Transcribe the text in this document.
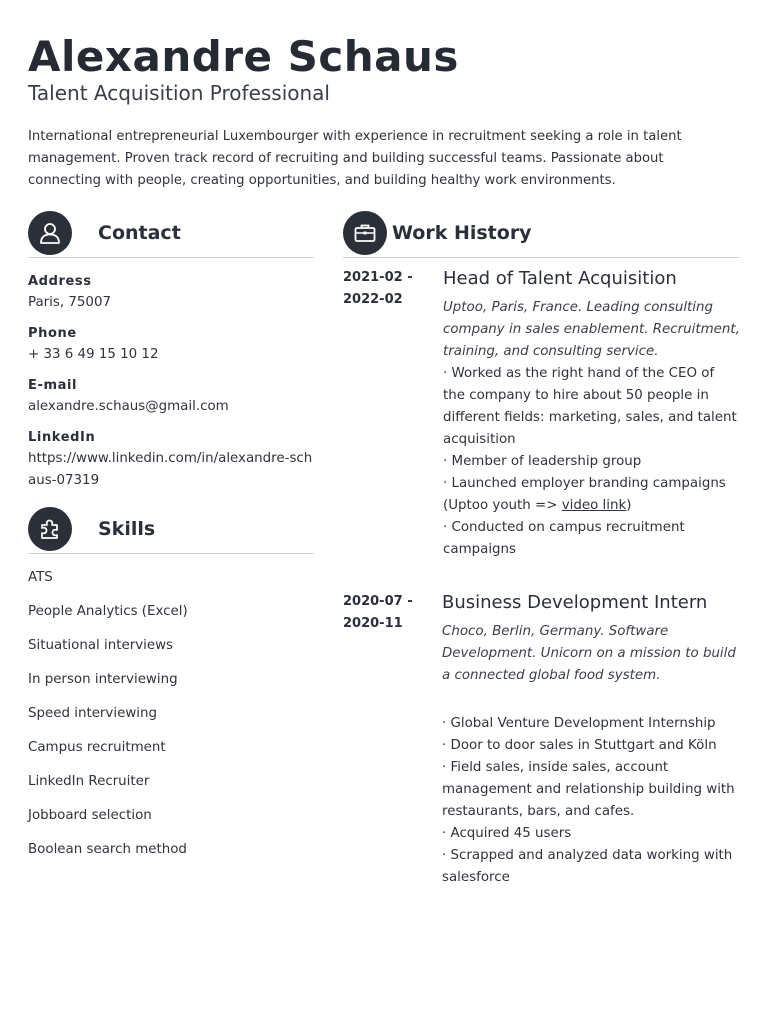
Alexandre Schaus
Talent Acquisition Professional

International entrepreneurial Luxembourger with experience in recruitment seeking a role in talent management. Proven track record of recruiting and building successful teams. Passionate about connecting with people, creating opportunities, and building healthy work environments.

Contact
Address
Paris, 75007
Phone
+ 33 6 49 15 10 12
E-mail
alexandre.schaus@gmail.com
LinkedIn
https://www.linkedin.com/in/alexandre-schaus-07319
Skills
ATS
People Analytics (Excel)
Situational interviews
In person interviewing
Speed interviewing
Campus recruitment
LinkedIn Recruiter
Jobboard selection
Boolean search method
Work History
2021-02 -
2022-02
Head of Talent Acquisition
Uptoo, Paris, France. Leading consulting company in sales enablement. Recruitment, training, and consulting service.
· Worked as the right hand of the CEO of the company to hire about 50 people in different fields: marketing, sales, and talent acquisition
· Member of leadership group
· Launched employer branding campaigns (Uptoo youth => video link)
· Conducted on campus recruitment campaigns
2020-07 -
2020-11
Business Development Intern
Choco, Berlin, Germany. Software Development. Unicorn on a mission to build a connected global food system.
· Global Venture Development Internship
· Door to door sales in Stuttgart and Köln
· Field sales, inside sales, account management and relationship building with restaurants, bars, and cafes.
· Acquired 45 users
· Scrapped and analyzed data working with salesforce
